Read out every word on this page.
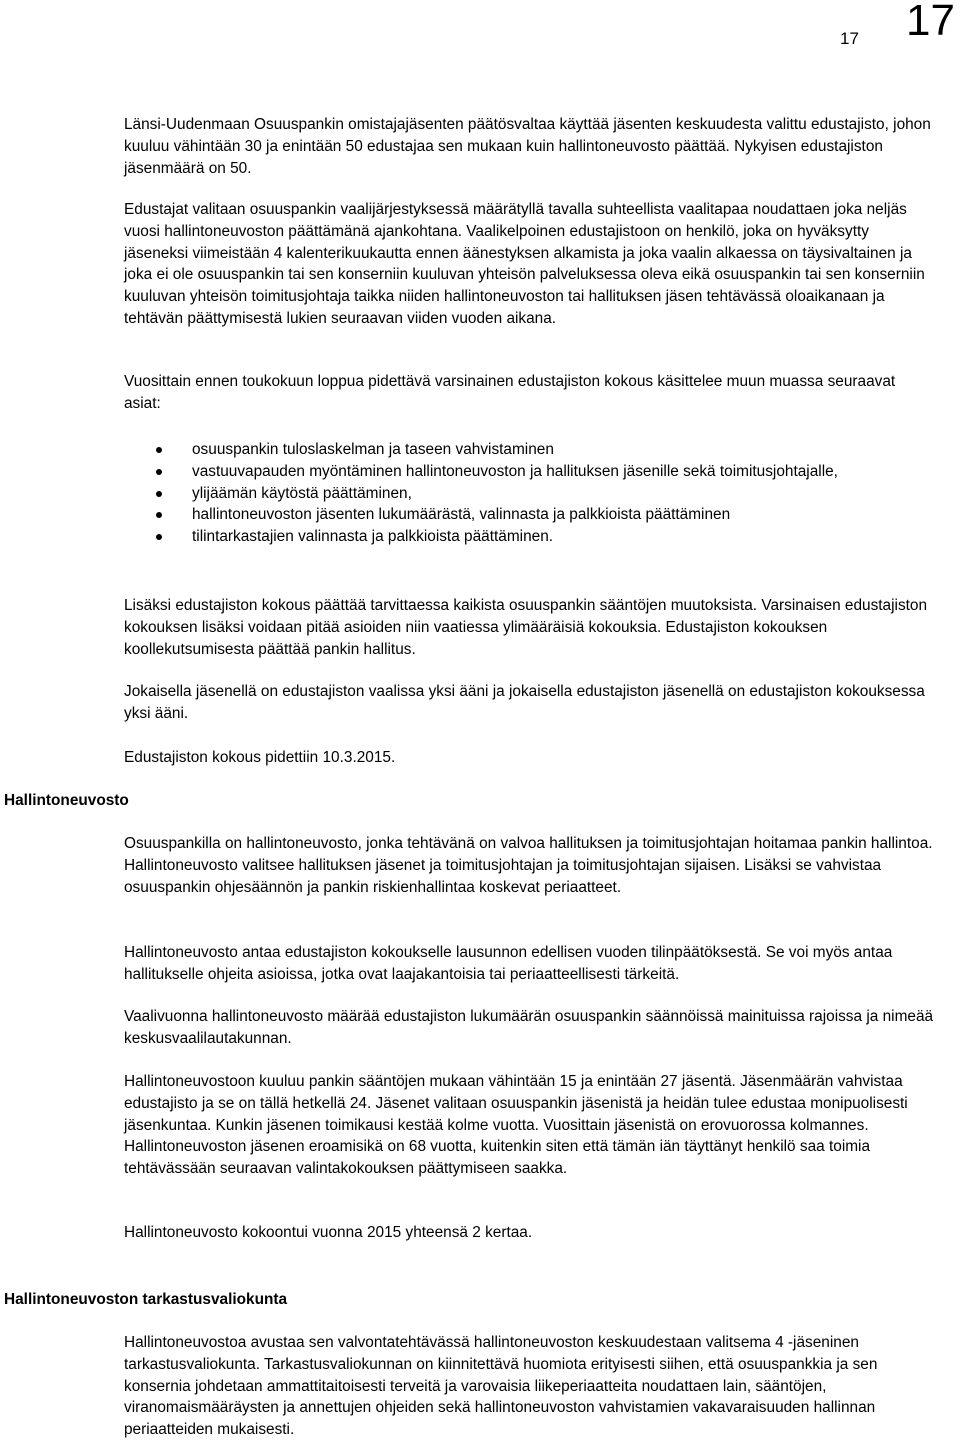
17 17

Länsi-Uudenmaan Osuuspankin omistajajäsenten päätösvaltaa käyttää jäsenten keskuudesta valittu edustajisto, johon kuuluu vähintään 30 ja enintään 50 edustajaa sen mukaan kuin hallintoneuvosto päättää. Nykyisen edustajiston jäsenmäärä on 50.

Edustajat valitaan osuuspankin vaalijärjestyksessä määrätyllä tavalla suhteellista vaalitapaa noudattaen joka neljäs vuosi hallintoneuvoston päättämänä ajankohtana. Vaalikelpoinen edustajistoon on henkilö, joka on hyväksytty jäseneksi viimeistään 4 kalenterikuukautta ennen äänestyksen alkamista ja joka vaalin alkaessa on täysivaltainen ja joka ei ole osuuspankin tai sen konserniin kuuluvan yhteisön palveluksessa oleva eikä osuuspankin tai sen konserniin kuuluvan yhteisön toimitusjohtaja taikka niiden hallintoneuvoston tai hallituksen jäsen tehtävässä oloaikanaan ja tehtävän päättymisestä lukien seuraavan viiden vuoden aikana.

Vuosittain ennen toukokuun loppua pidettävä varsinainen edustajiston kokous käsittelee muun muassa seuraavat asiat:

osuuspankin tuloslaskelman ja taseen vahvistaminen
vastuuvapauden myöntäminen hallintoneuvoston ja hallituksen jäsenille sekä toimitusjohtajalle,
ylijäämän käytöstä päättäminen,
hallintoneuvoston jäsenten lukumäärästä, valinnasta ja palkkioista päättäminen
tilintarkastajien valinnasta ja palkkioista päättäminen.

Lisäksi edustajiston kokous päättää tarvittaessa kaikista osuuspankin sääntöjen muutoksista. Varsinaisen edustajiston kokouksen lisäksi voidaan pitää asioiden niin vaatiessa ylimääräisiä kokouksia. Edustajiston kokouksen koollekutsumisesta päättää pankin hallitus.

Jokaisella jäsenellä on edustajiston vaalissa yksi ääni ja jokaisella edustajiston jäsenellä on edustajiston kokouksessa yksi ääni.

Edustajiston kokous pidettiin 10.3.2015.

Hallintoneuvosto

Osuuspankilla on hallintoneuvosto, jonka tehtävänä on valvoa hallituksen ja toimitusjohtajan hoitamaa pankin hallintoa. Hallintoneuvosto valitsee hallituksen jäsenet ja toimitusjohtajan ja toimitusjohtajan sijaisen. Lisäksi se vahvistaa osuuspankin ohjesäännön ja pankin riskienhallintaa koskevat periaatteet.

Hallintoneuvosto antaa edustajiston kokoukselle lausunnon edellisen vuoden tilinpäätöksestä. Se voi myös antaa hallitukselle ohjeita asioissa, jotka ovat laajakantoisia tai periaatteellisesti tärkeitä.

Vaalivuonna hallintoneuvosto määrää edustajiston lukumäärän osuuspankin säännöissä mainituissa rajoissa ja nimeää keskusvaalilautakunnan.

Hallintoneuvostoon kuuluu pankin sääntöjen mukaan vähintään 15 ja enintään 27 jäsentä. Jäsenmäärän vahvistaa edustajisto ja se on tällä hetkellä 24. Jäsenet valitaan osuuspankin jäsenistä ja heidän tulee edustaa monipuolisesti jäsenkuntaa. Kunkin jäsenen toimikausi kestää kolme vuotta. Vuosittain jäsenistä on erovuorossa kolmannes. Hallintoneuvoston jäsenen eroamisikä on 68 vuotta, kuitenkin siten että tämän iän täyttänyt henkilö saa toimia tehtävässään seuraavan valintakokouksen päättymiseen saakka.

Hallintoneuvosto kokoontui vuonna 2015 yhteensä 2 kertaa.

Hallintoneuvoston tarkastusvaliokunta

Hallintoneuvostoa avustaa sen valvontatehtävässä hallintoneuvoston keskuudestaan valitsema 4 -jäseninen tarkastusvaliokunta. Tarkastusvaliokunnan on kiinnitettävä huomiota erityisesti siihen, että osuuspankkia ja sen konsernia johdetaan ammattitaitoisesti terveitä ja varovaisia liikeperiaatteita noudattaen lain, sääntöjen, viranomaismääräysten ja annettujen ohjeiden sekä hallintoneuvoston vahvistamien vakavaraisuuden hallinnan periaatteiden mukaisesti.
